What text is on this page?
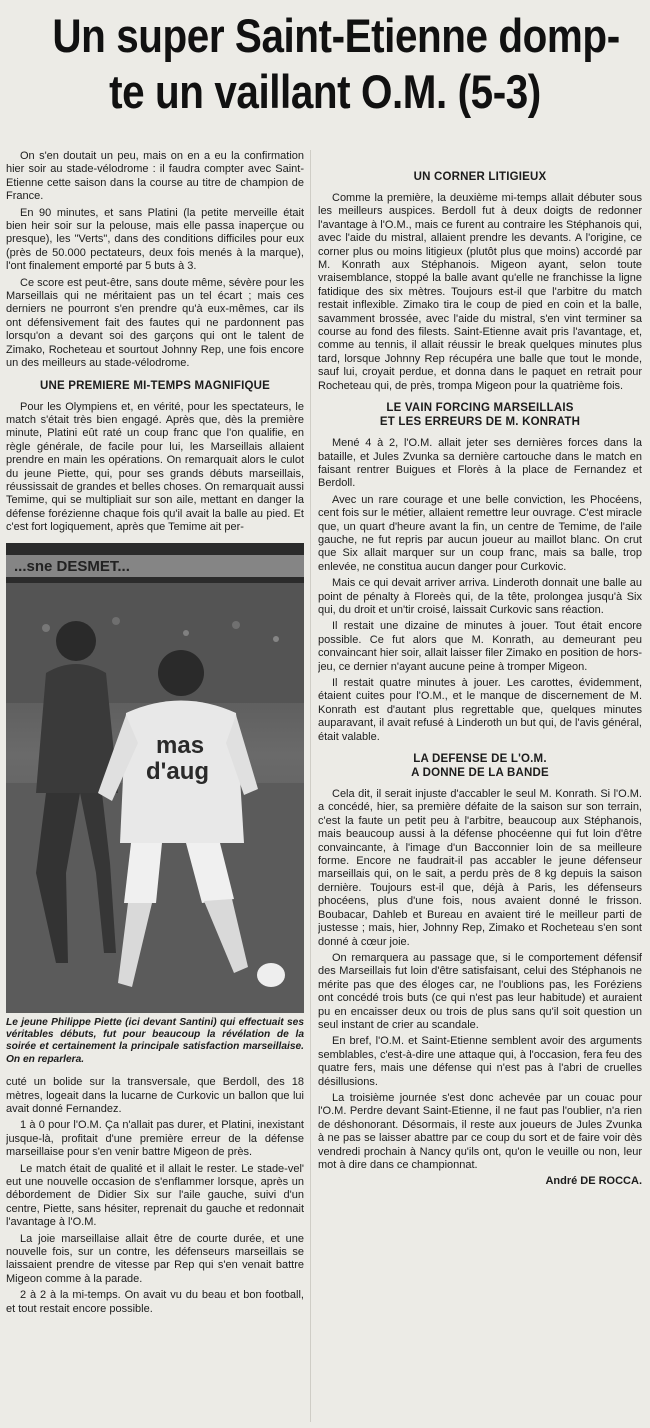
Un super Saint-Etienne domp-
te un vaillant O.M. (5-3)

On s'en doutait un peu, mais on en a eu la confirmation hier soir au stade-vélodrome : il faudra compter avec Saint-Etienne cette saison dans la course au titre de champion de France.

En 90 minutes, et sans Platini (la petite merveille était bien heir soir sur la pelouse, mais elle passa inaperçue ou presque), les "Verts", dans des conditions difficiles pour eux (près de 50.000 pectateurs, deux fois menés à la marque), l'ont finalement emporté par 5 buts à 3.

Ce score est peut-être, sans doute même, sévère pour les Marseillais qui ne méritaient pas un tel écart ; mais ces derniers ne pourront s'en prendre qu'à eux-mêmes, car ils ont défensivement fait des fautes qui ne pardonnent pas lorsqu'on a devant soi des garçons qui ont le talent de Zimako, Rocheteau et sourtout Johnny Rep, une fois encore un des meilleurs au stade-vélodrome.

UNE PREMIERE MI-TEMPS MAGNIFIQUE

Pour les Olympiens et, en vérité, pour les spectateurs, le match s'était très bien engagé. Après que, dès la première minute, Platini eût raté un coup franc que l'on qualifie, en règle générale, de facile pour lui, les Marseillais allaient prendre en main les opérations. On remarquait alors le culot du jeune Piette, qui, pour ses grands débuts marseillais, réussissait de grandes et belles choses. On remarquait aussi Temime, qui se multipliait sur son aile, mettant en danger la défense forézienne chaque fois qu'il avait la balle au pied. Et c'est fort logiquement, après que Temime ait per-

...sne DESMET...
mas
d'aug
Le jeune Philippe Piette (ici devant Santini) qui effectuait ses véritables débuts, fut pour beaucoup la révélation de la soirée et certainement la principale satisfaction marseillaise. On en reparlera.

cuté un bolide sur la transversale, que Berdoll, des 18 mètres, logeait dans la lucarne de Curkovic un ballon que lui avait donné Fernandez.

1 à 0 pour l'O.M. Ça n'allait pas durer, et Platini, inexistant jusque-là, profitait d'une première erreur de la défense marseillaise pour s'en venir battre Migeon de près.

Le match était de qualité et il allait le rester. Le stade-vel' eut une nouvelle occasion de s'enflammer lorsque, après un débordement de Didier Six sur l'aile gauche, suivi d'un centre, Piette, sans hésiter, reprenait du gauche et redonnait l'avantage à l'O.M.

La joie marseillaise allait être de courte durée, et une nouvelle fois, sur un contre, les défenseurs marseillais se laissaient prendre de vitesse par Rep qui s'en venait battre Migeon comme à la parade.

2 à 2 à la mi-temps. On avait vu du beau et bon football, et tout restait encore possible.

UN CORNER LITIGIEUX

Comme la première, la deuxième mi-temps allait débuter sous les meilleurs auspices. Berdoll fut à deux doigts de redonner l'avantage à l'O.M., mais ce furent au contraire les Stéphanois qui, avec l'aide du mistral, allaient prendre les devants. A l'origine, ce corner plus ou moins litigieux (plutôt plus que moins) accordé par M. Konrath aux Stéphanois. Migeon ayant, selon toute vraisemblance, stoppé la balle avant qu'elle ne franchisse la ligne fatidique des six mètres. Toujours est-il que l'arbitre du match restait inflexible. Zimako tira le coup de pied en coin et la balle, savamment brossée, avec l'aide du mistral, s'en vint terminer sa course au fond des filests. Saint-Etienne avait pris l'avantage, et, comme au tennis, il allait réussir le break quelques minutes plus tard, lorsque Johnny Rep récupéra une balle que tout le monde, sauf lui, croyait perdue, et donna dans le paquet en retrait pour Rocheteau qui, de près, trompa Migeon pour la quatrième fois.

LE VAIN FORCING MARSEILLAIS
ET LES ERREURS DE M. KONRATH

Mené 4 à 2, l'O.M. allait jeter ses dernières forces dans la bataille, et Jules Zvunka sa dernière cartouche dans le match en faisant rentrer Buigues et Florès à la place de Fernandez et Berdoll.

Avec un rare courage et une belle conviction, les Phocéens, cent fois sur le métier, allaient remettre leur ouvrage. C'est miracle que, un quart d'heure avant la fin, un centre de Temime, de l'aile gauche, ne fut repris par aucun joueur au maillot blanc. On crut que Six allait marquer sur un coup franc, mais sa balle, trop enlevée, ne constitua aucun danger pour Curkovic.

Mais ce qui devait arriver arriva. Linderoth donnait une balle au point de pénalty à Floreès qui, de la tête, prolongea jusqu'à Six qui, du droit et un'tir croisé, laissait Curkovic sans réaction.

Il restait une dizaine de minutes à jouer. Tout était encore possible. Ce fut alors que M. Konrath, au demeurant peu convaincant hier soir, allait laisser filer Zimako en position de hors-jeu, ce dernier n'ayant aucune peine à tromper Migeon.

Il restait quatre minutes à jouer. Les carottes, évidemment, étaient cuites pour l'O.M., et le manque de discernement de M. Konrath est d'autant plus regrettable que, quelques minutes auparavant, il avait refusé à Linderoth un but qui, de l'avis général, était valable.

LA DEFENSE DE L'O.M.
A DONNE DE LA BANDE

Cela dit, il serait injuste d'accabler le seul M. Konrath. Si l'O.M. a concédé, hier, sa première défaite de la saison sur son terrain, c'est la faute un petit peu à l'arbitre, beaucoup aux Stéphanois, mais beaucoup aussi à la défense phocéenne qui fut loin d'être convaincante, à l'image d'un Bacconnier loin de sa meilleure forme. Encore ne faudrait-il pas accabler le jeune défenseur marseillais qui, on le sait, a perdu près de 8 kg depuis la saison dernière. Toujours est-il que, déjà à Paris, les défenseurs phocéens, plus d'une fois, nous avaient donné le frisson. Boubacar, Dahleb et Bureau en avaient tiré le meilleur parti de justesse ; mais, hier, Johnny Rep, Zimako et Rocheteau s'en sont donné à cœur joie.

On remarquera au passage que, si le comportement défensif des Marseillais fut loin d'être satisfaisant, celui des Stéphanois ne mérite pas que des éloges car, ne l'oublions pas, les Foréziens ont concédé trois buts (ce qui n'est pas leur habitude) et auraient pu en encaisser deux ou trois de plus sans qu'il soit question un seul instant de crier au scandale.

En bref, l'O.M. et Saint-Etienne semblent avoir des arguments semblables, c'est-à-dire une attaque qui, à l'occasion, fera feu des quatre fers, mais une défense qui n'est pas à l'abri de cruelles désillusions.

La troisième journée s'est donc achevée par un couac pour l'O.M. Perdre devant Saint-Etienne, il ne faut pas l'oublier, n'a rien de déshonorant. Désormais, il reste aux joueurs de Jules Zvunka à ne pas se laisser abattre par ce coup du sort et de faire voir dès vendredi prochain à Nancy qu'ils ont, qu'on le veuille ou non, leur mot à dire dans ce championnat.

André DE ROCCA.
